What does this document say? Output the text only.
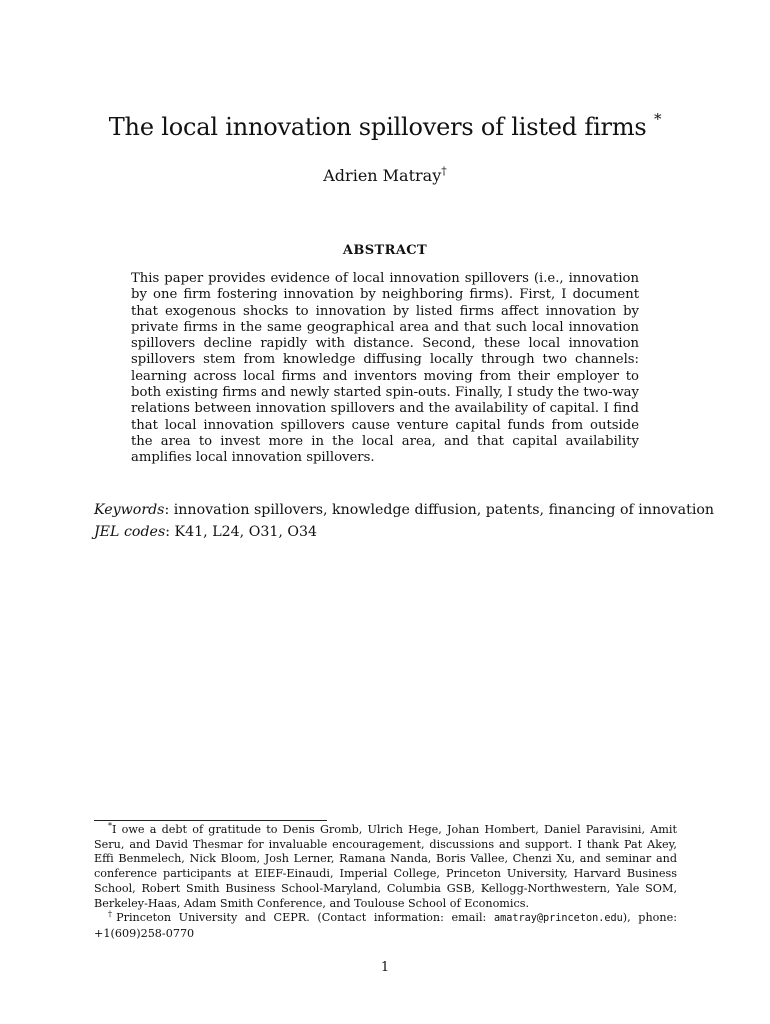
The local innovation spillovers of listed firms *
Adrien Matray†
ABSTRACT
This paper provides evidence of local innovation spillovers (i.e., innovation by one firm fostering innovation by neighboring firms). First, I document that exogenous shocks to innovation by listed firms affect innovation by private firms in the same geographical area and that such local innovation spillovers decline rapidly with distance. Second, these local innovation spillovers stem from knowledge diffusing locally through two channels: learning across local firms and inventors moving from their employer to both existing firms and newly started spin-outs. Finally, I study the two-way relations between innovation spillovers and the availability of capital. I find that local innovation spillovers cause venture capital funds from outside the area to invest more in the local area, and that capital availability amplifies local innovation spillovers.
Keywords: innovation spillovers, knowledge diffusion, patents, financing of innovation
JEL codes: K41, L24, O31, O34

*I owe a debt of gratitude to Denis Gromb, Ulrich Hege, Johan Hombert, Daniel Paravisini, Amit Seru, and David Thesmar for invaluable encouragement, discussions and support. I thank Pat Akey, Effi Benmelech, Nick Bloom, Josh Lerner, Ramana Nanda, Boris Vallee, Chenzi Xu, and seminar and conference participants at EIEF-Einaudi, Imperial College, Princeton University, Harvard Business School, Robert Smith Business School-Maryland, Columbia GSB, Kellogg-Northwestern, Yale SOM, Berkeley-Haas, Adam Smith Conference, and Toulouse School of Economics.

†Princeton University and CEPR. (Contact information: email: amatray@princeton.edu), phone: +1(609)258-0770

1
